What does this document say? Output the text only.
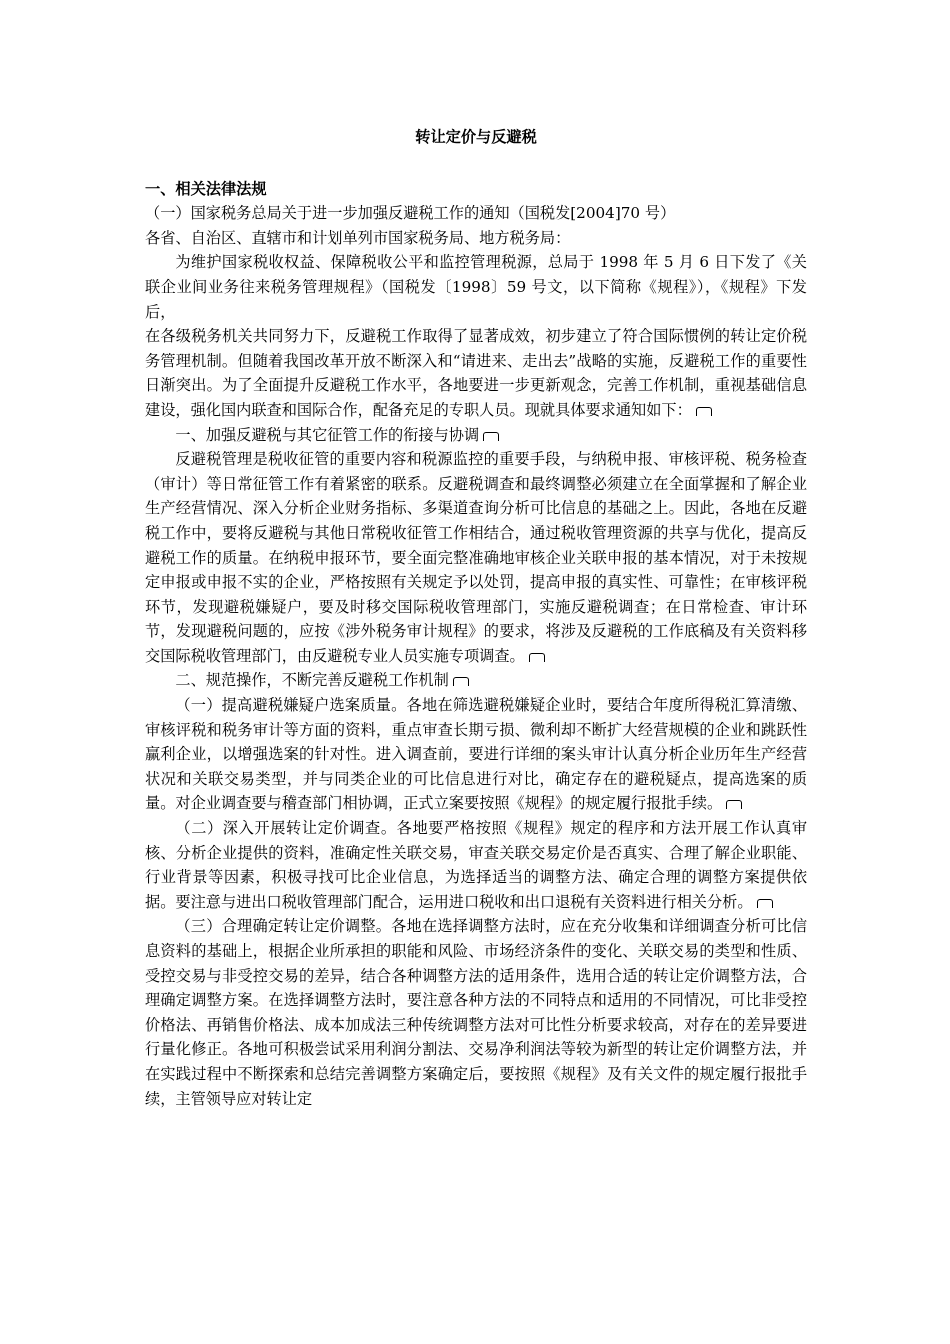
转让定价与反避税

一、相关法律法规

（一）国家税务总局关于进一步加强反避税工作的通知（国税发[2004]70 号）

各省、自治区、直辖市和计划单列市国家税务局、地方税务局：

为维护国家税收权益、保障税收公平和监控管理税源，总局于 1998 年 5 月 6 日下发了《关联企业间业务往来税务管理规程》（国税发〔1998〕59 号文，以下简称《规程》），《规程》下发后，

在各级税务机关共同努力下，反避税工作取得了显著成效，初步建立了符合国际惯例的转让定价税务管理机制。但随着我国改革开放不断深入和“请进来、走出去”战略的实施，反避税工作的重要性日渐突出。为了全面提升反避税工作水平，各地要进一步更新观念，完善工作机制，重视基础信息建设，强化国内联查和国际合作，配备充足的专职人员。现就具体要求通知如下：

一、加强反避税与其它征管工作的衔接与协调

反避税管理是税收征管的重要内容和税源监控的重要手段，与纳税申报、审核评税、税务检查（审计）等日常征管工作有着紧密的联系。反避税调查和最终调整必须建立在全面掌握和了解企业生产经营情况、深入分析企业财务指标、多渠道查询分析可比信息的基础之上。因此，各地在反避税工作中，要将反避税与其他日常税收征管工作相结合，通过税收管理资源的共享与优化，提高反避税工作的质量。在纳税申报环节，要全面完整准确地审核企业关联申报的基本情况，对于未按规定申报或申报不实的企业，严格按照有关规定予以处罚，提高申报的真实性、可靠性；在审核评税环节，发现避税嫌疑户，要及时移交国际税收管理部门，实施反避税调查；在日常检查、审计环节，发现避税问题的，应按《涉外税务审计规程》的要求，将涉及反避税的工作底稿及有关资料移交国际税收管理部门，由反避税专业人员实施专项调查。

二、规范操作，不断完善反避税工作机制

（一）提高避税嫌疑户选案质量。各地在筛选避税嫌疑企业时，要结合年度所得税汇算清缴、审核评税和税务审计等方面的资料，重点审查长期亏损、微利却不断扩大经营规模的企业和跳跃性赢利企业，以增强选案的针对性。进入调查前，要进行详细的案头审计认真分析企业历年生产经营状况和关联交易类型，并与同类企业的可比信息进行对比，确定存在的避税疑点，提高选案的质量。对企业调查要与稽查部门相协调，正式立案要按照《规程》的规定履行报批手续。

（二）深入开展转让定价调查。各地要严格按照《规程》规定的程序和方法开展工作认真审核、分析企业提供的资料，准确定性关联交易，审查关联交易定价是否真实、合理了解企业职能、行业背景等因素，积极寻找可比企业信息，为选择适当的调整方法、确定合理的调整方案提供依据。要注意与进出口税收管理部门配合，运用进口税收和出口退税有关资料进行相关分析。

（三）合理确定转让定价调整。各地在选择调整方法时，应在充分收集和详细调查分析可比信息资料的基础上，根据企业所承担的职能和风险、市场经济条件的变化、关联交易的类型和性质、受控交易与非受控交易的差异，结合各种调整方法的适用条件，选用合适的转让定价调整方法，合理确定调整方案。在选择调整方法时，要注意各种方法的不同特点和适用的不同情况，可比非受控价格法、再销售价格法、成本加成法三种传统调整方法对可比性分析要求较高，对存在的差异要进行量化修正。各地可积极尝试采用利润分割法、交易净利润法等较为新型的转让定价调整方法，并在实践过程中不断探索和总结完善调整方案确定后，要按照《规程》及有关文件的规定履行报批手续，主管领导应对转让定
